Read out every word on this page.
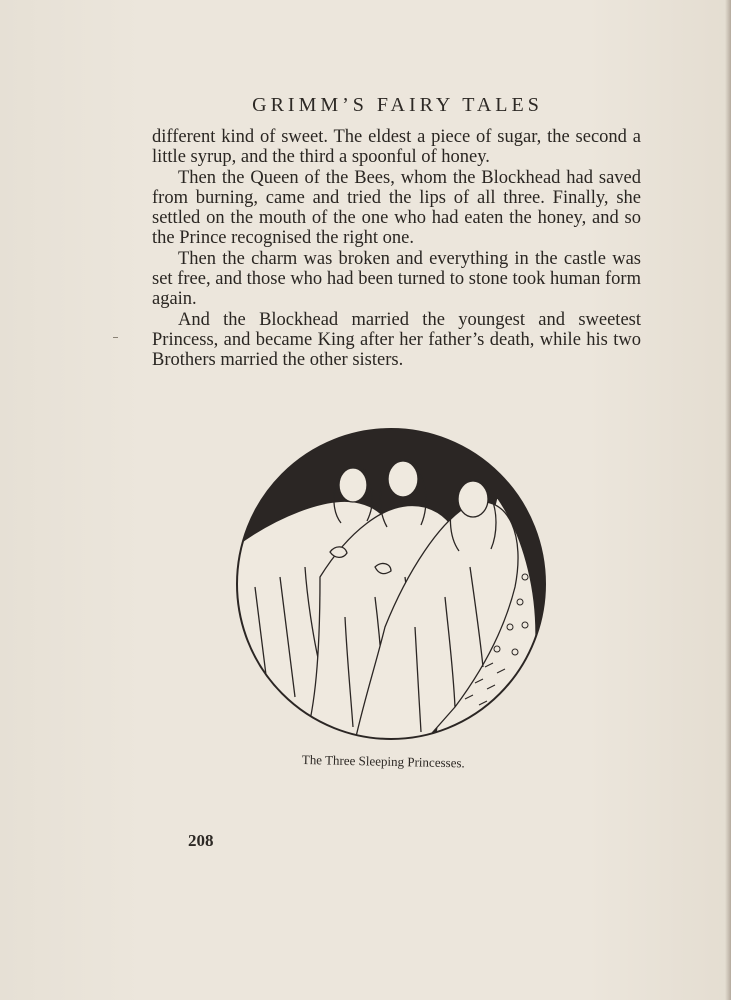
GRIMM’S FAIRY TALES

different kind of sweet. The eldest a piece of sugar, the second a little syrup, and the third a spoonful of honey.

Then the Queen of the Bees, whom the Blockhead had saved from burning, came and tried the lips of all three. Finally, she settled on the mouth of the one who had eaten the honey, and so the Prince recognised the right one.

Then the charm was broken and everything in the castle was set free, and those who had been turned to stone took human form again.

And the Blockhead married the youngest and sweetest Princess, and became King after her father’s death, while his two Brothers married the other sisters.

The Three Sleeping Princesses.
208
